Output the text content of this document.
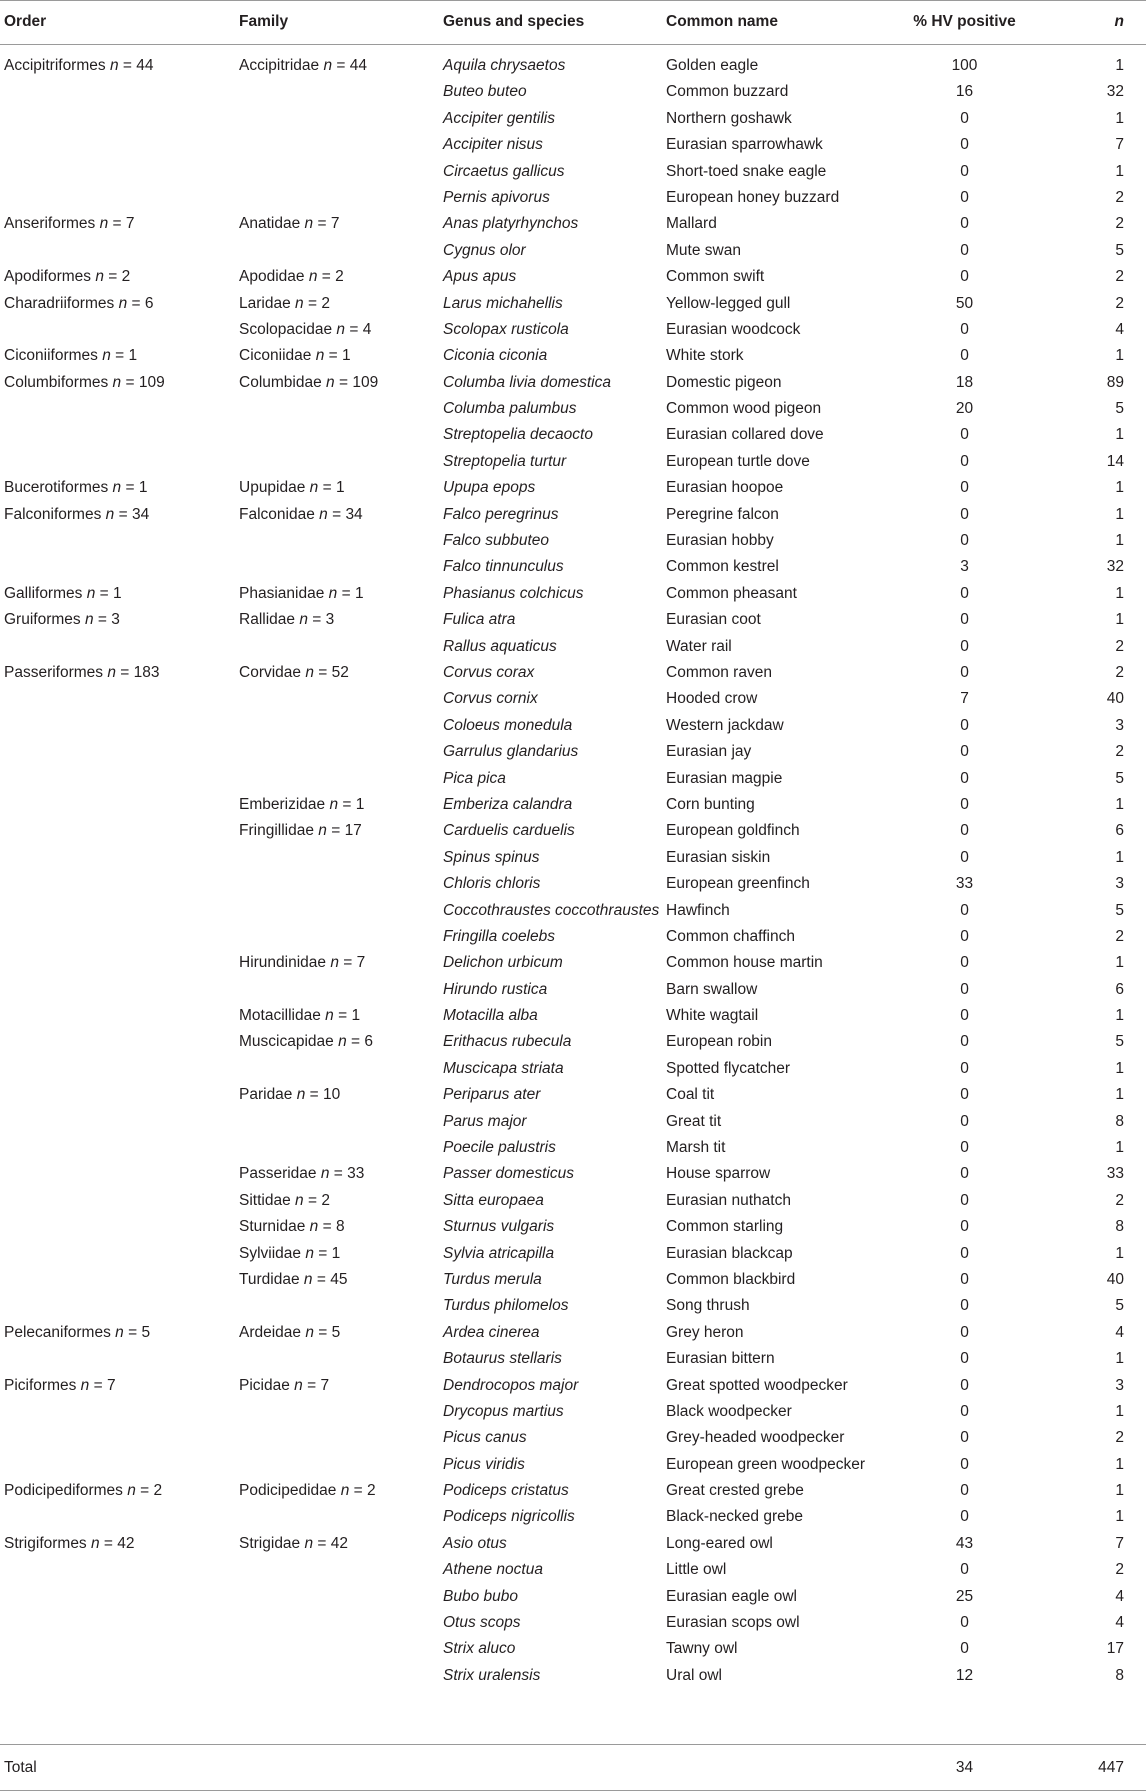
Order	Family	Genus and species	Common name	% HV positive	n
Accipitriformes n = 44	Accipitridae n = 44	Aquila chrysaetos	Golden eagle	100	1
		Buteo buteo	Common buzzard	16	32
		Accipiter gentilis	Northern goshawk	0	1
		Accipiter nisus	Eurasian sparrowhawk	0	7
		Circaetus gallicus	Short-toed snake eagle	0	1
		Pernis apivorus	European honey buzzard	0	2
Anseriformes n = 7	Anatidae n = 7	Anas platyrhynchos	Mallard	0	2
		Cygnus olor	Mute swan	0	5
Apodiformes n = 2	Apodidae n = 2	Apus apus	Common swift	0	2
Charadriiformes n = 6	Laridae n = 2	Larus michahellis	Yellow-legged gull	50	2
	Scolopacidae n = 4	Scolopax rusticola	Eurasian woodcock	0	4
Ciconiiformes n = 1	Ciconiidae n = 1	Ciconia ciconia	White stork	0	1
Columbiformes n = 109	Columbidae n = 109	Columba livia domestica	Domestic pigeon	18	89
		Columba palumbus	Common wood pigeon	20	5
		Streptopelia decaocto	Eurasian collared dove	0	1
		Streptopelia turtur	European turtle dove	0	14
Bucerotiformes n = 1	Upupidae n = 1	Upupa epops	Eurasian hoopoe	0	1
Falconiformes n = 34	Falconidae n = 34	Falco peregrinus	Peregrine falcon	0	1
		Falco subbuteo	Eurasian hobby	0	1
		Falco tinnunculus	Common kestrel	3	32
Galliformes n = 1	Phasianidae n = 1	Phasianus colchicus	Common pheasant	0	1
Gruiformes n = 3	Rallidae n = 3	Fulica atra	Eurasian coot	0	1
		Rallus aquaticus	Water rail	0	2
Passeriformes n = 183	Corvidae n = 52	Corvus corax	Common raven	0	2
		Corvus cornix	Hooded crow	7	40
		Coloeus monedula	Western jackdaw	0	3
		Garrulus glandarius	Eurasian jay	0	2
		Pica pica	Eurasian magpie	0	5
	Emberizidae n = 1	Emberiza calandra	Corn bunting	0	1
	Fringillidae n = 17	Carduelis carduelis	European goldfinch	0	6
		Spinus spinus	Eurasian siskin	0	1
		Chloris chloris	European greenfinch	33	3
		Coccothraustes coccothraustes	Hawfinch	0	5
		Fringilla coelebs	Common chaffinch	0	2
	Hirundinidae n = 7	Delichon urbicum	Common house martin	0	1
		Hirundo rustica	Barn swallow	0	6
	Motacillidae n = 1	Motacilla alba	White wagtail	0	1
	Muscicapidae n = 6	Erithacus rubecula	European robin	0	5
		Muscicapa striata	Spotted flycatcher	0	1
	Paridae n = 10	Periparus ater	Coal tit	0	1
		Parus major	Great tit	0	8
		Poecile palustris	Marsh tit	0	1
	Passeridae n = 33	Passer domesticus	House sparrow	0	33
	Sittidae n = 2	Sitta europaea	Eurasian nuthatch	0	2
	Sturnidae n = 8	Sturnus vulgaris	Common starling	0	8
	Sylviidae n = 1	Sylvia atricapilla	Eurasian blackcap	0	1
	Turdidae n = 45	Turdus merula	Common blackbird	0	40
		Turdus philomelos	Song thrush	0	5
Pelecaniformes n = 5	Ardeidae n = 5	Ardea cinerea	Grey heron	0	4
		Botaurus stellaris	Eurasian bittern	0	1
Piciformes n = 7	Picidae n = 7	Dendrocopos major	Great spotted woodpecker	0	3
		Drycopus martius	Black woodpecker	0	1
		Picus canus	Grey-headed woodpecker	0	2
		Picus viridis	European green woodpecker	0	1
Podicipediformes n = 2	Podicipedidae n = 2	Podiceps cristatus	Great crested grebe	0	1
		Podiceps nigricollis	Black-necked grebe	0	1
Strigiformes n = 42	Strigidae n = 42	Asio otus	Long-eared owl	43	7
		Athene noctua	Little owl	0	2
		Bubo bubo	Eurasian eagle owl	25	4
		Otus scops	Eurasian scops owl	0	4
		Strix aluco	Tawny owl	0	17
		Strix uralensis	Ural owl	12	8
Total				34	447
